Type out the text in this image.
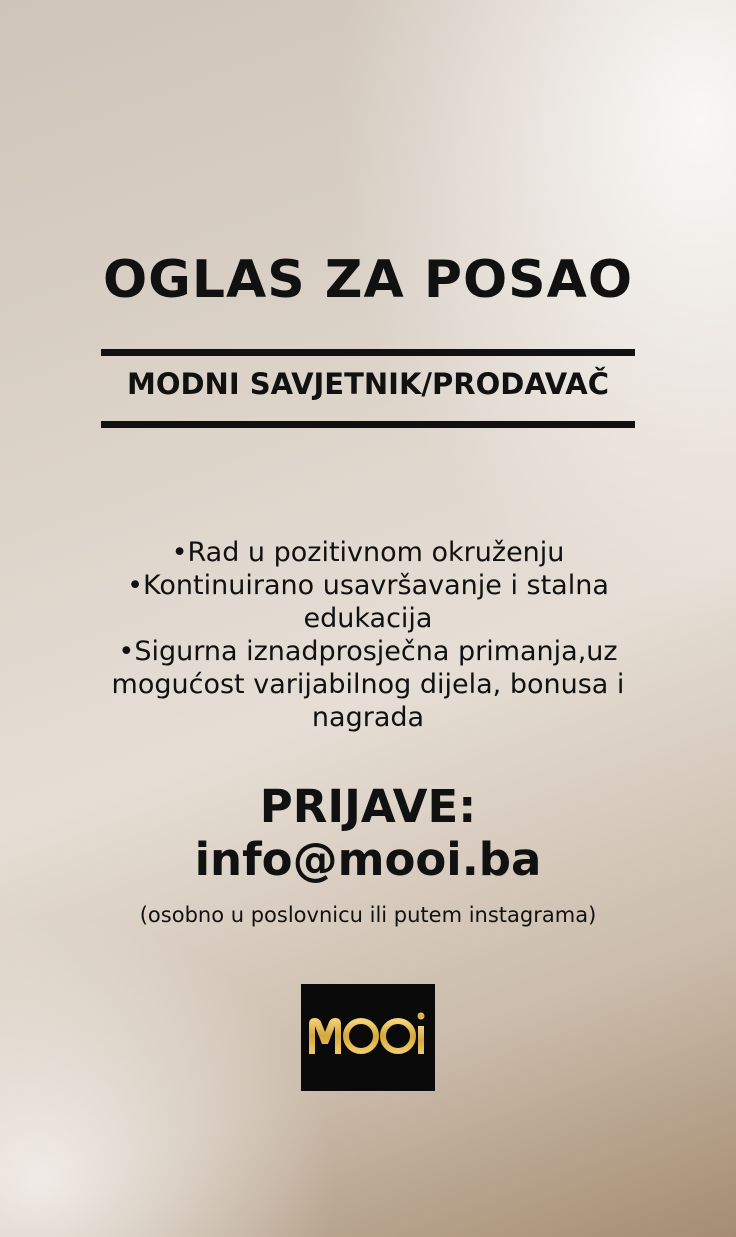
OGLAS ZA POSAO
MODNI SAVJETNIK/PRODAVAČ

•Rad u pozitivnom okruženju

•Kontinuirano usavršavanje i stalna edukacija

•Sigurna iznadprosječna primanja,uz mogućost varijabilnog dijela, bonusa i nagrada

PRIJAVE:
info@mooi.ba
(osobno u poslovnicu ili putem instagrama)
